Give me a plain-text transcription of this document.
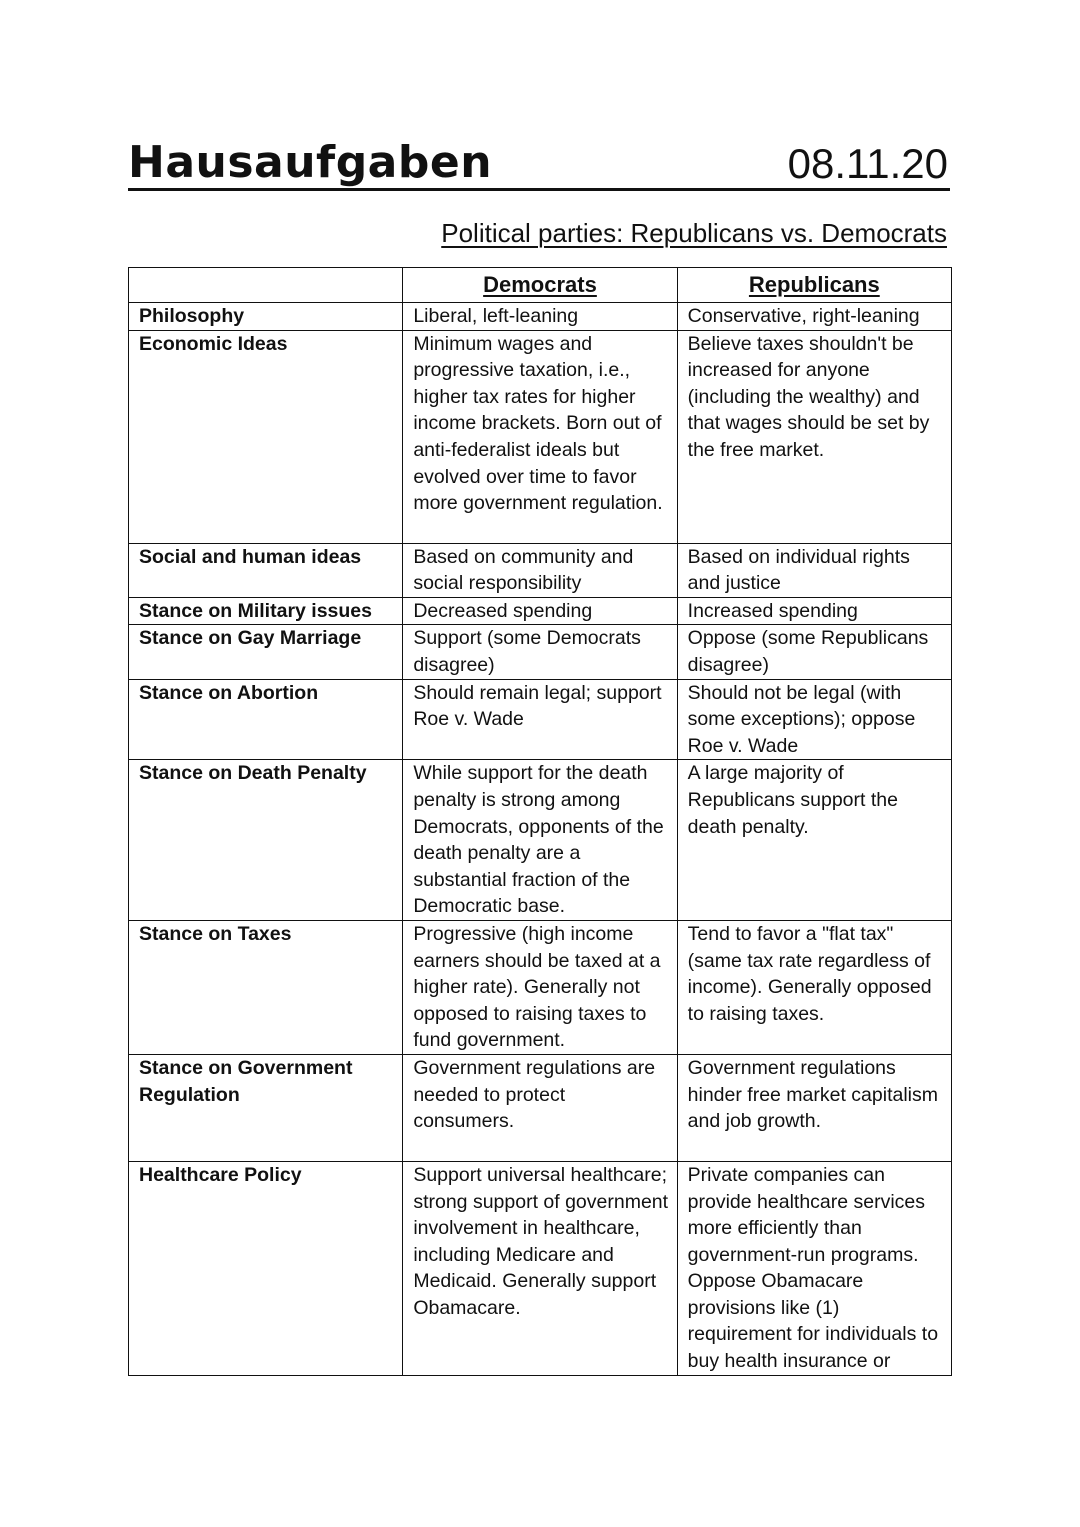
Hausaufgaben	08.11.20
Political parties: Republicans vs. Democrats
	Democrats	Republicans
Philosophy	Liberal, left-leaning	Conservative, right-leaning
Economic Ideas	Minimum wages and progressive taxation, i.e., higher tax rates for higher income brackets. Born out of anti-federalist ideals but evolved over time to favor more government regulation.	Believe taxes shouldn't be increased for anyone (including the wealthy) and that wages should be set by the free market.
Social and human ideas	Based on community and social responsibility	Based on individual rights and justice
Stance on Military issues	Decreased spending	Increased spending
Stance on Gay Marriage	Support (some Democrats disagree)	Oppose (some Republicans disagree)
Stance on Abortion	Should remain legal; support Roe v. Wade	Should not be legal (with some exceptions); oppose Roe v. Wade
Stance on Death Penalty	While support for the death penalty is strong among Democrats, opponents of the death penalty are a substantial fraction of the Democratic base.	A large majority of Republicans support the death penalty.
Stance on Taxes	Progressive (high income earners should be taxed at a higher rate). Generally not opposed to raising taxes to fund government.	Tend to favor a "flat tax" (same tax rate regardless of income). Generally opposed to raising taxes.
Stance on Government Regulation	Government regulations are needed to protect consumers.	Government regulations hinder free market capitalism and job growth.
Healthcare Policy	Support universal healthcare; strong support of government involvement in healthcare, including Medicare and Medicaid. Generally support Obamacare.	Private companies can provide healthcare services more efficiently than government-run programs. Oppose Obamacare provisions like (1) requirement for individuals to buy health insurance or
